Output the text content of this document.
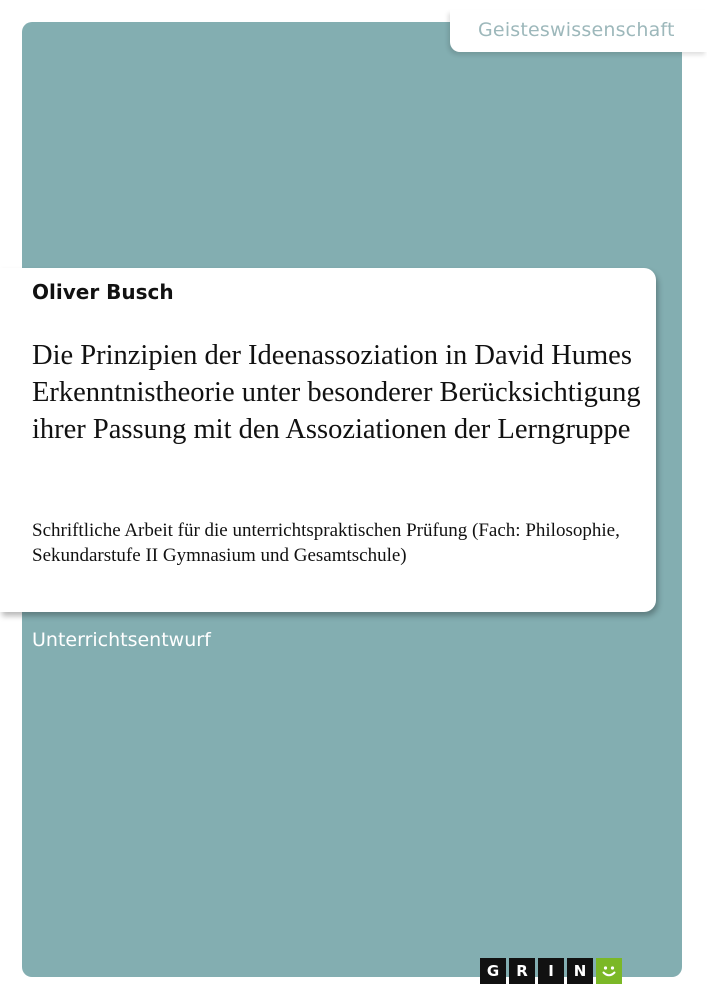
Geisteswissenschaft
Oliver Busch
Die Prinzipien der Ideenassoziation in David Humes Erkenntnistheorie unter besonderer Berücksichtigung ihrer Passung mit den Assoziationen der Lerngruppe

Schriftliche Arbeit für die unterrichtspraktischen Prüfung (Fach: Philosophie, Sekundarstufe II Gymnasium und Gesamtschule)

Unterrichtsentwurf
G	R	I	N
